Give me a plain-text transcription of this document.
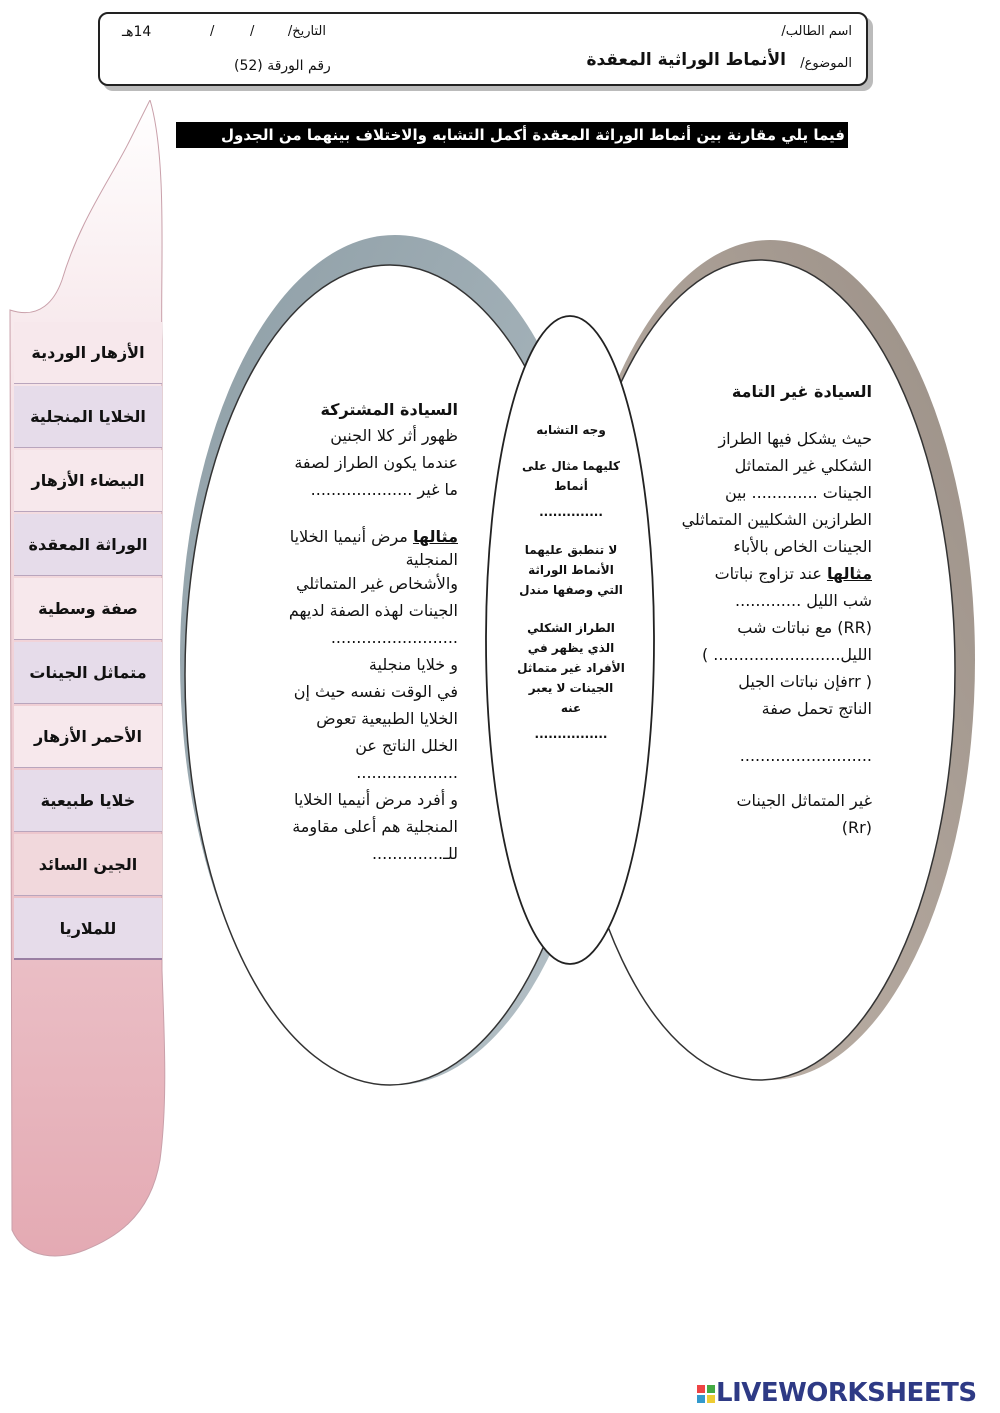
اسم الطالب/
التاريخ/
/
/
14هـ
الموضوع/
الأنماط الوراثية المعقدة
رقم الورقة (52)
فيما يلي مقارنة بين أنماط الوراثة المعقدة أكمل التشابه والاختلاف بينهما من الجدول
الأزهار الوردية
الخلايا المنجلية
البيضاء الأزهار
الوراثة المعقدة
صفة وسطية
متماثل الجينات
الأحمر الأزهار
خلايا طبيعية
الجين السائد
للملاريا
السيادة غير التامة
حيث يشكل فيها الطراز
الشكلي غير المتماثل
الجينات ............. بين
الطرازين الشكليين المتماثلي
الجينات الخاص بالأباء
مثالها عند تزاوج نباتات
شب الليل .............
(RR) مع نباتات شب
الليل......................... )
( rrفإن نباتات الجيل
الناتج تحمل صفة
..........................
غير المتماثل الجينات
(Rr)
وجه التشابه
كليهما مثال على
أنماط
..............
لا تنطبق عليهما
الأنماط الوراثة
التي وصفها مندل
الطراز الشكلي
الذي يظهر في
الأفراد غير متماثل
الجينات لا يعبر
عنه
................
السيادة المشتركة
ظهور أثر كلا الجنين
عندما يكون الطراز لصفة
ما غير ....................
مثالها مرض أنيميا الخلايا
المنجلية
والأشخاص غير المتماثلي
الجينات لهذه الصفة لديهم
.........................
و خلايا منجلية
في الوقت نفسه حيث إن
الخلايا الطبيعية تعوض
الخلل الناتج عن
....................
و أفرد مرض أنيميا الخلايا
المنجلية هم أعلى مقاومة
للـ..............

LIVEWORKSHEETS
